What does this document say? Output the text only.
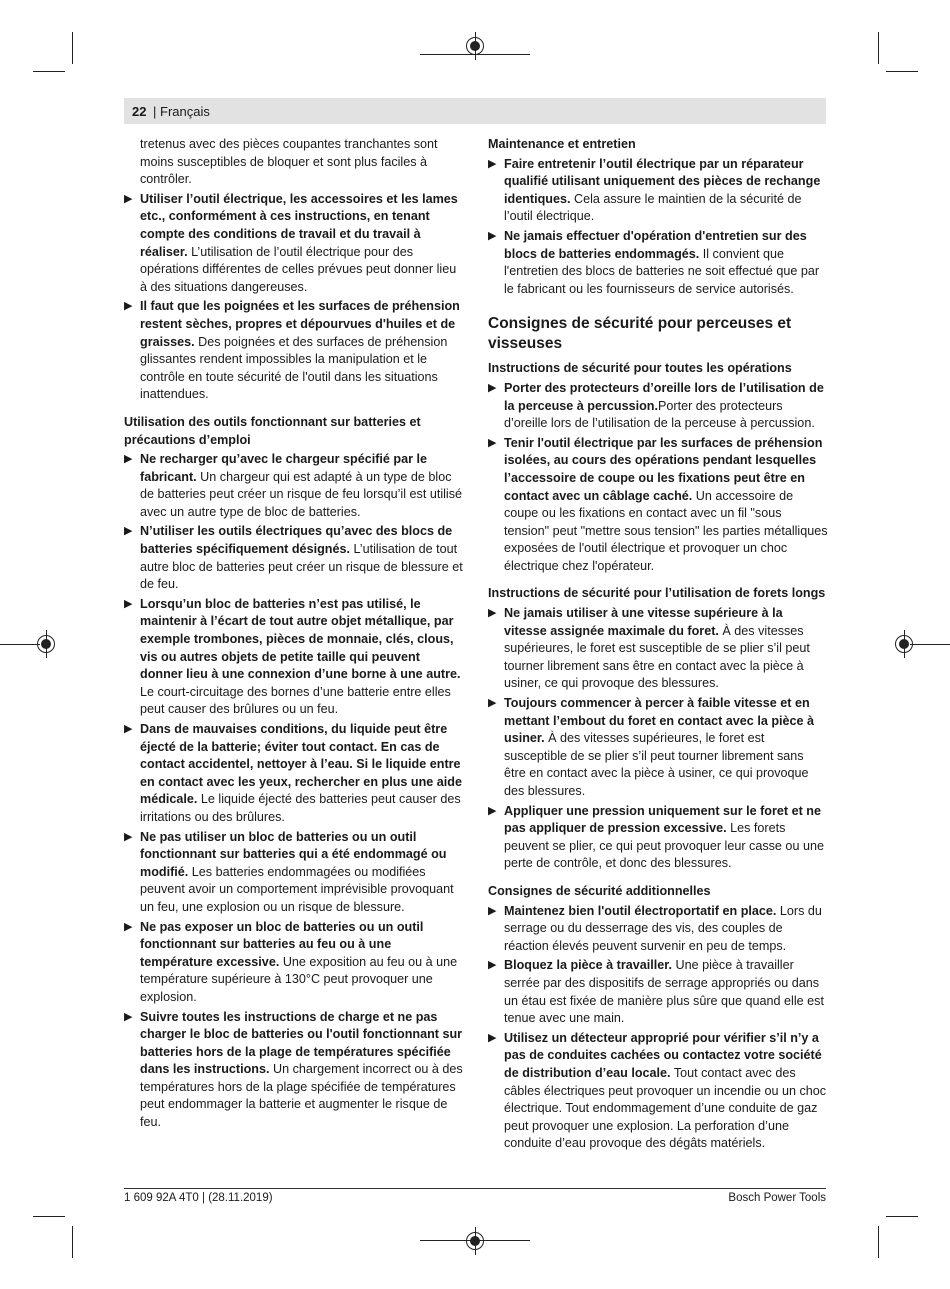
22 | Français

tretenus avec des pièces coupantes tranchantes sont moins susceptibles de bloquer et sont plus faciles à contrôler.

▶ Utiliser l’outil électrique, les accessoires et les lames etc., conformément à ces instructions, en tenant compte des conditions de travail et du travail à réaliser. L’utilisation de l’outil électrique pour des opérations différentes de celles prévues peut donner lieu à des situations dangereuses.
▶ Il faut que les poignées et les surfaces de préhension restent sèches, propres et dépourvues d'huiles et de graisses. Des poignées et des surfaces de préhension glissantes rendent impossibles la manipulation et le contrôle en toute sécurité de l'outil dans les situations inattendues.

Utilisation des outils fonctionnant sur batteries et précautions d’emploi

▶ Ne recharger qu’avec le chargeur spécifié par le fabricant. Un chargeur qui est adapté à un type de bloc de batteries peut créer un risque de feu lorsqu’il est utilisé avec un autre type de bloc de batteries.
▶ N’utiliser les outils électriques qu’avec des blocs de batteries spécifiquement désignés. L’utilisation de tout autre bloc de batteries peut créer un risque de blessure et de feu.
▶ Lorsqu’un bloc de batteries n’est pas utilisé, le maintenir à l’écart de tout autre objet métallique, par exemple trombones, pièces de monnaie, clés, clous, vis ou autres objets de petite taille qui peuvent donner lieu à une connexion d’une borne à une autre. Le court-circuitage des bornes d’une batterie entre elles peut causer des brûlures ou un feu.
▶ Dans de mauvaises conditions, du liquide peut être éjecté de la batterie; éviter tout contact. En cas de contact accidentel, nettoyer à l’eau. Si le liquide entre en contact avec les yeux, rechercher en plus une aide médicale. Le liquide éjecté des batteries peut causer des irritations ou des brûlures.
▶ Ne pas utiliser un bloc de batteries ou un outil fonctionnant sur batteries qui a été endommagé ou modifié. Les batteries endommagées ou modifiées peuvent avoir un comportement imprévisible provoquant un feu, une explosion ou un risque de blessure.
▶ Ne pas exposer un bloc de batteries ou un outil fonctionnant sur batteries au feu ou à une température excessive. Une exposition au feu ou à une température supérieure à 130°C peut provoquer une explosion.
▶ Suivre toutes les instructions de charge et ne pas charger le bloc de batteries ou l'outil fonctionnant sur batteries hors de la plage de températures spécifiée dans les instructions. Un chargement incorrect ou à des températures hors de la plage spécifiée de températures peut endommager la batterie et augmenter le risque de feu.

Maintenance et entretien

▶ Faire entretenir l’outil électrique par un réparateur qualifié utilisant uniquement des pièces de rechange identiques. Cela assure le maintien de la sécurité de l’outil électrique.
▶ Ne jamais effectuer d'opération d'entretien sur des blocs de batteries endommagés. Il convient que l'entretien des blocs de batteries ne soit effectué que par le fabricant ou les fournisseurs de service autorisés.

Consignes de sécurité pour perceuses et visseuses

Instructions de sécurité pour toutes les opérations

▶ Porter des protecteurs d’oreille lors de l’utilisation de la perceuse à percussion.Porter des protecteurs d’oreille lors de l’utilisation de la perceuse à percussion.
▶ Tenir l'outil électrique par les surfaces de préhension isolées, au cours des opérations pendant lesquelles l’accessoire de coupe ou les fixations peut être en contact avec un câblage caché. Un accessoire de coupe ou les fixations en contact avec un fil "sous tension" peut "mettre sous tension" les parties métalliques exposées de l'outil électrique et provoquer un choc électrique chez l'opérateur.

Instructions de sécurité pour l’utilisation de forets longs

▶ Ne jamais utiliser à une vitesse supérieure à la vitesse assignée maximale du foret. À des vitesses supérieures, le foret est susceptible de se plier s’il peut tourner librement sans être en contact avec la pièce à usiner, ce qui provoque des blessures.
▶ Toujours commencer à percer à faible vitesse et en mettant l’embout du foret en contact avec la pièce à usiner. À des vitesses supérieures, le foret est susceptible de se plier s’il peut tourner librement sans être en contact avec la pièce à usiner, ce qui provoque des blessures.
▶ Appliquer une pression uniquement sur le foret et ne pas appliquer de pression excessive. Les forets peuvent se plier, ce qui peut provoquer leur casse ou une perte de contrôle, et donc des blessures.

Consignes de sécurité additionnelles

▶ Maintenez bien l'outil électroportatif en place. Lors du serrage ou du desserrage des vis, des couples de réaction élevés peuvent survenir en peu de temps.
▶ Bloquez la pièce à travailler. Une pièce à travailler serrée par des dispositifs de serrage appropriés ou dans un étau est fixée de manière plus sûre que quand elle est tenue avec une main.
▶ Utilisez un détecteur approprié pour vérifier s’il n’y a pas de conduites cachées ou contactez votre société de distribution d’eau locale. Tout contact avec des câbles électriques peut provoquer un incendie ou un choc électrique. Tout endommagement d’une conduite de gaz peut provoquer une explosion. La perforation d’une conduite d’eau provoque des dégâts matériels.
1 609 92A 4T0 | (28.11.2019)	Bosch Power Tools
